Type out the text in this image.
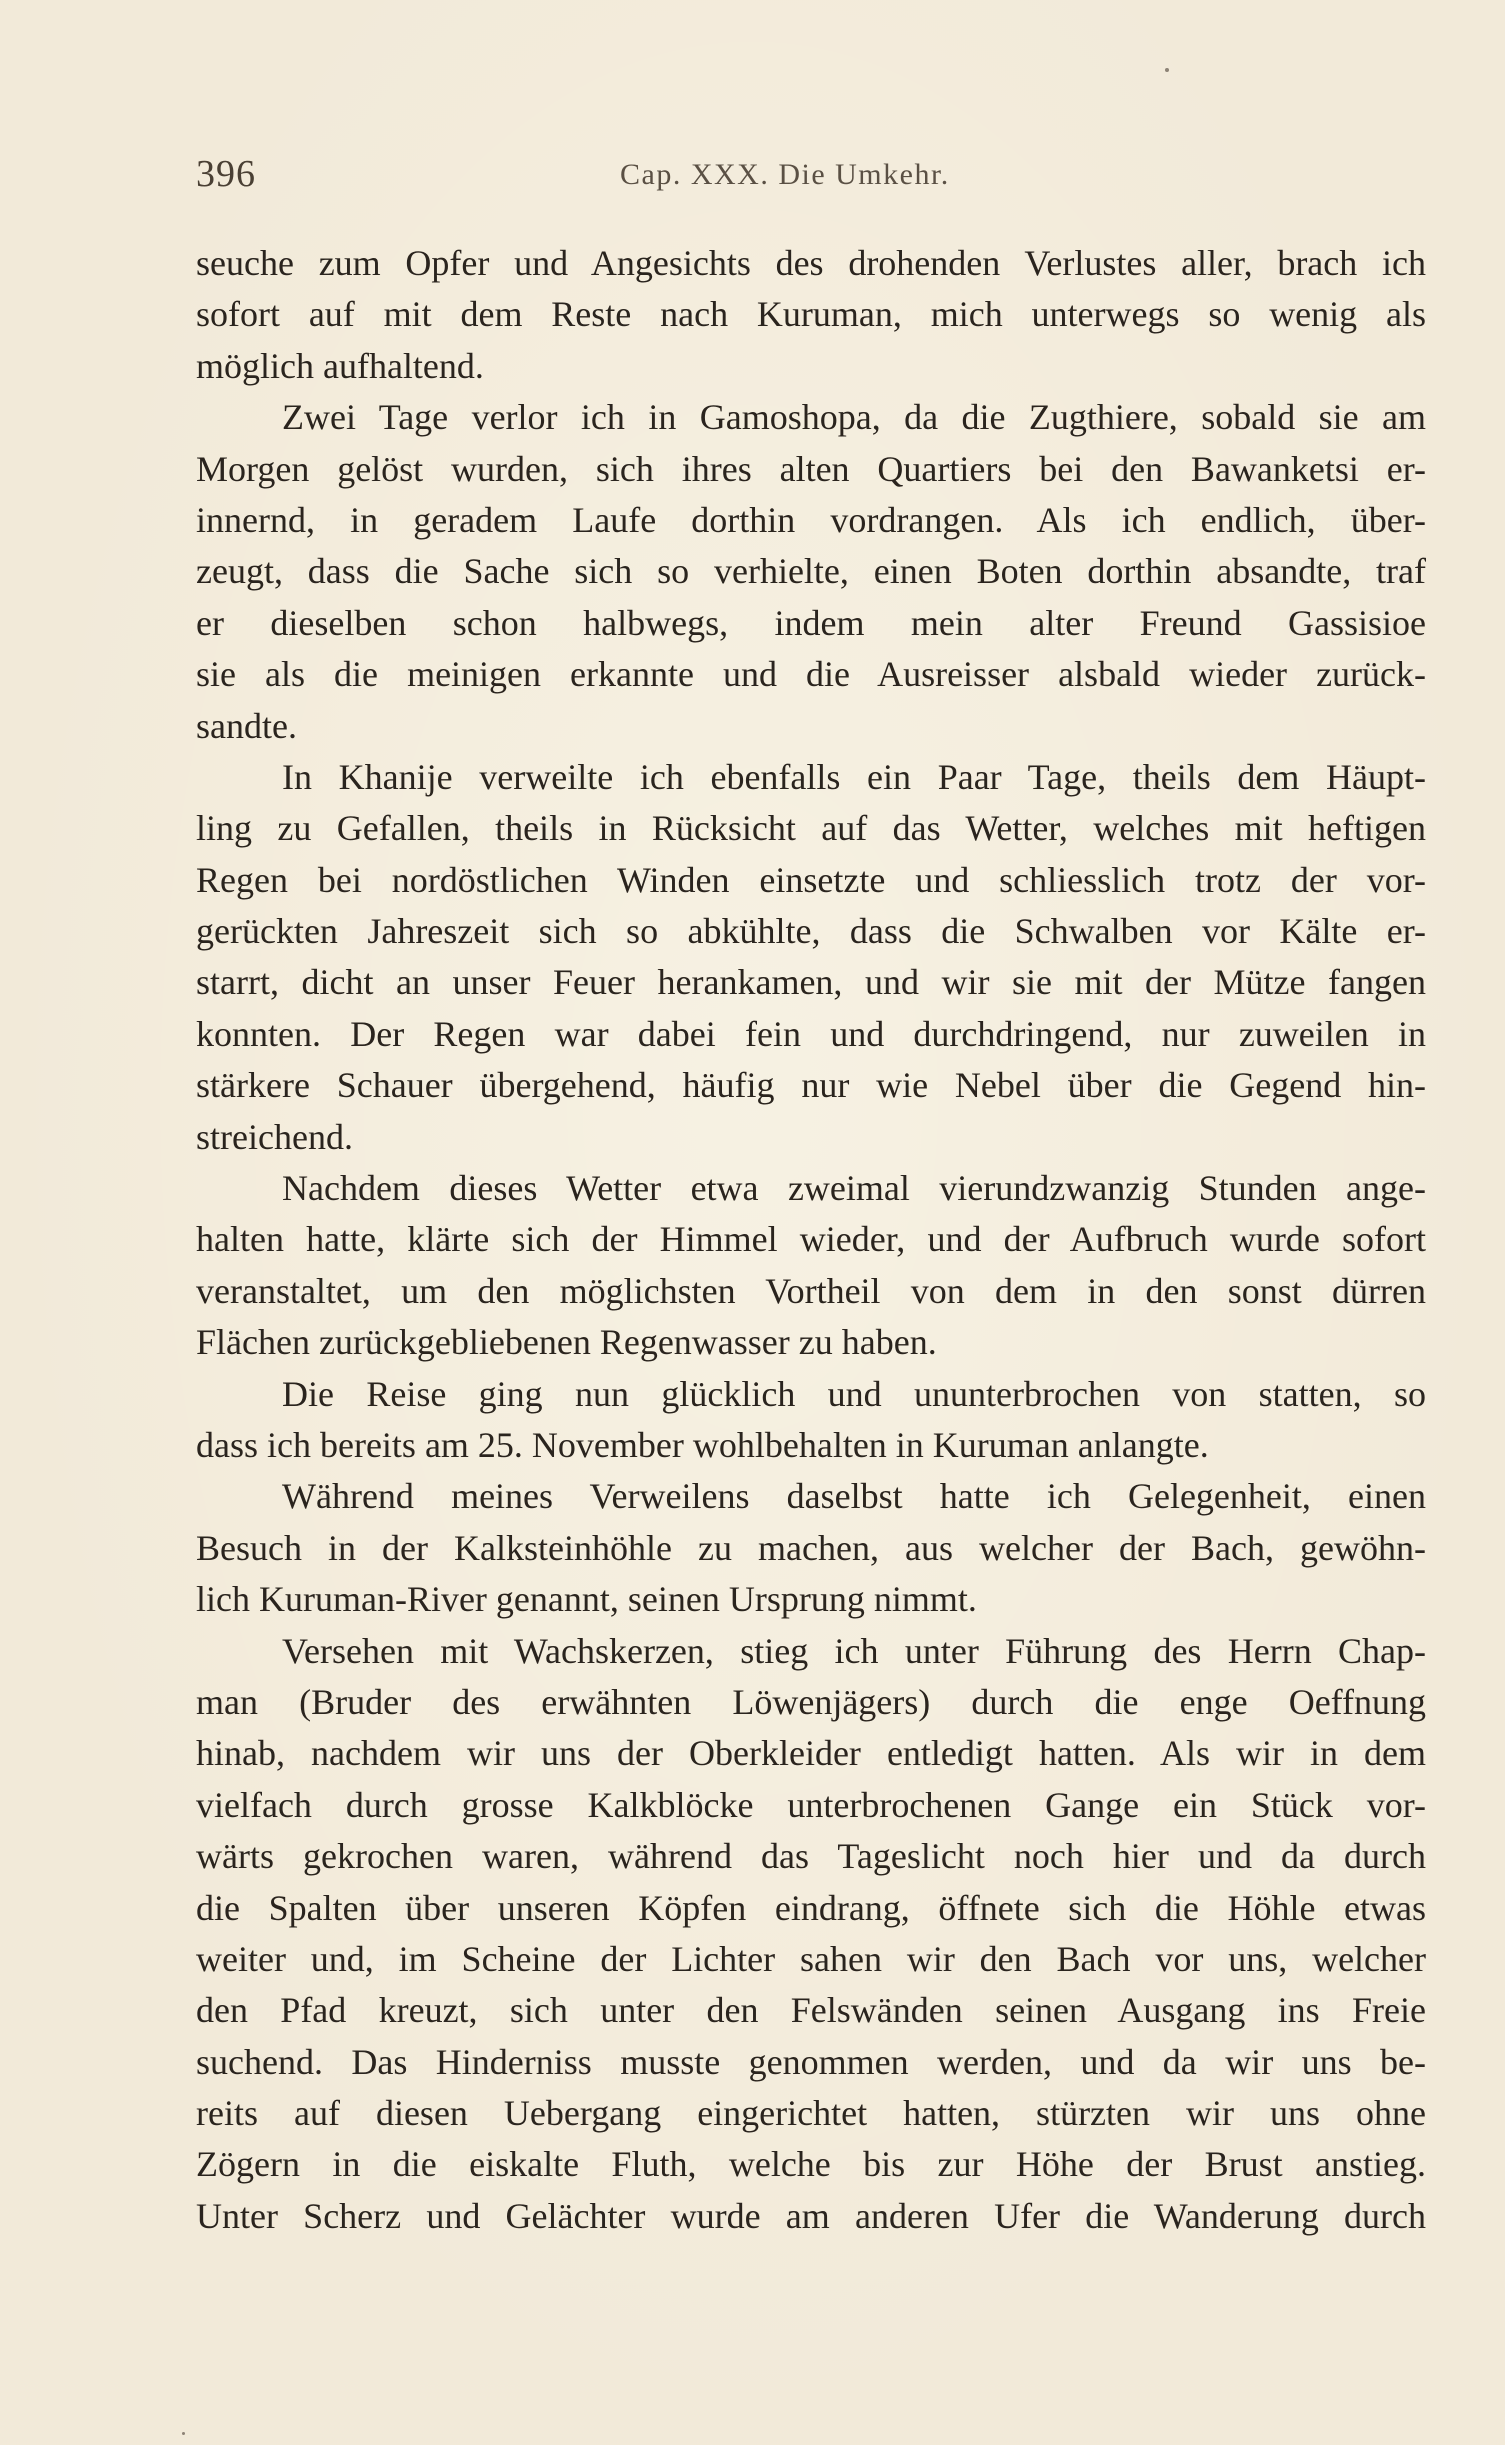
396	Cap. XXX. Die Umkehr.
seuche zum Opfer und Angesichts des drohenden Verlustes aller, brach ich
sofort auf mit dem Reste nach Kuruman, mich unterwegs so wenig als
möglich aufhaltend.
Zwei Tage verlor ich in Gamoshopa, da die Zugthiere, sobald sie am
Morgen gelöst wurden, sich ihres alten Quartiers bei den Bawanketsi er-
innernd, in geradem Laufe dorthin vordrangen. Als ich endlich, über-
zeugt, dass die Sache sich so verhielte, einen Boten dorthin absandte, traf
er dieselben schon halbwegs, indem mein alter Freund Gassisioe
sie als die meinigen erkannte und die Ausreisser alsbald wieder zurück-
sandte.
In Khanije verweilte ich ebenfalls ein Paar Tage, theils dem Häupt-
ling zu Gefallen, theils in Rücksicht auf das Wetter, welches mit heftigen
Regen bei nordöstlichen Winden einsetzte und schliesslich trotz der vor-
gerückten Jahreszeit sich so abkühlte, dass die Schwalben vor Kälte er-
starrt, dicht an unser Feuer herankamen, und wir sie mit der Mütze fangen
konnten. Der Regen war dabei fein und durchdringend, nur zuweilen in
stärkere Schauer übergehend, häufig nur wie Nebel über die Gegend hin-
streichend.
Nachdem dieses Wetter etwa zweimal vierundzwanzig Stunden ange-
halten hatte, klärte sich der Himmel wieder, und der Aufbruch wurde sofort
veranstaltet, um den möglichsten Vortheil von dem in den sonst dürren
Flächen zurückgebliebenen Regenwasser zu haben.
Die Reise ging nun glücklich und ununterbrochen von statten, so
dass ich bereits am 25. November wohlbehalten in Kuruman anlangte.
Während meines Verweilens daselbst hatte ich Gelegenheit, einen
Besuch in der Kalksteinhöhle zu machen, aus welcher der Bach, gewöhn-
lich Kuruman-River genannt, seinen Ursprung nimmt.
Versehen mit Wachskerzen, stieg ich unter Führung des Herrn Chap-
man (Bruder des erwähnten Löwenjägers) durch die enge Oeffnung
hinab, nachdem wir uns der Oberkleider entledigt hatten. Als wir in dem
vielfach durch grosse Kalkblöcke unterbrochenen Gange ein Stück vor-
wärts gekrochen waren, während das Tageslicht noch hier und da durch
die Spalten über unseren Köpfen eindrang, öffnete sich die Höhle etwas
weiter und, im Scheine der Lichter sahen wir den Bach vor uns, welcher
den Pfad kreuzt, sich unter den Felswänden seinen Ausgang ins Freie
suchend. Das Hinderniss musste genommen werden, und da wir uns be-
reits auf diesen Uebergang eingerichtet hatten, stürzten wir uns ohne
Zögern in die eiskalte Fluth, welche bis zur Höhe der Brust anstieg.
Unter Scherz und Gelächter wurde am anderen Ufer die Wanderung durch
